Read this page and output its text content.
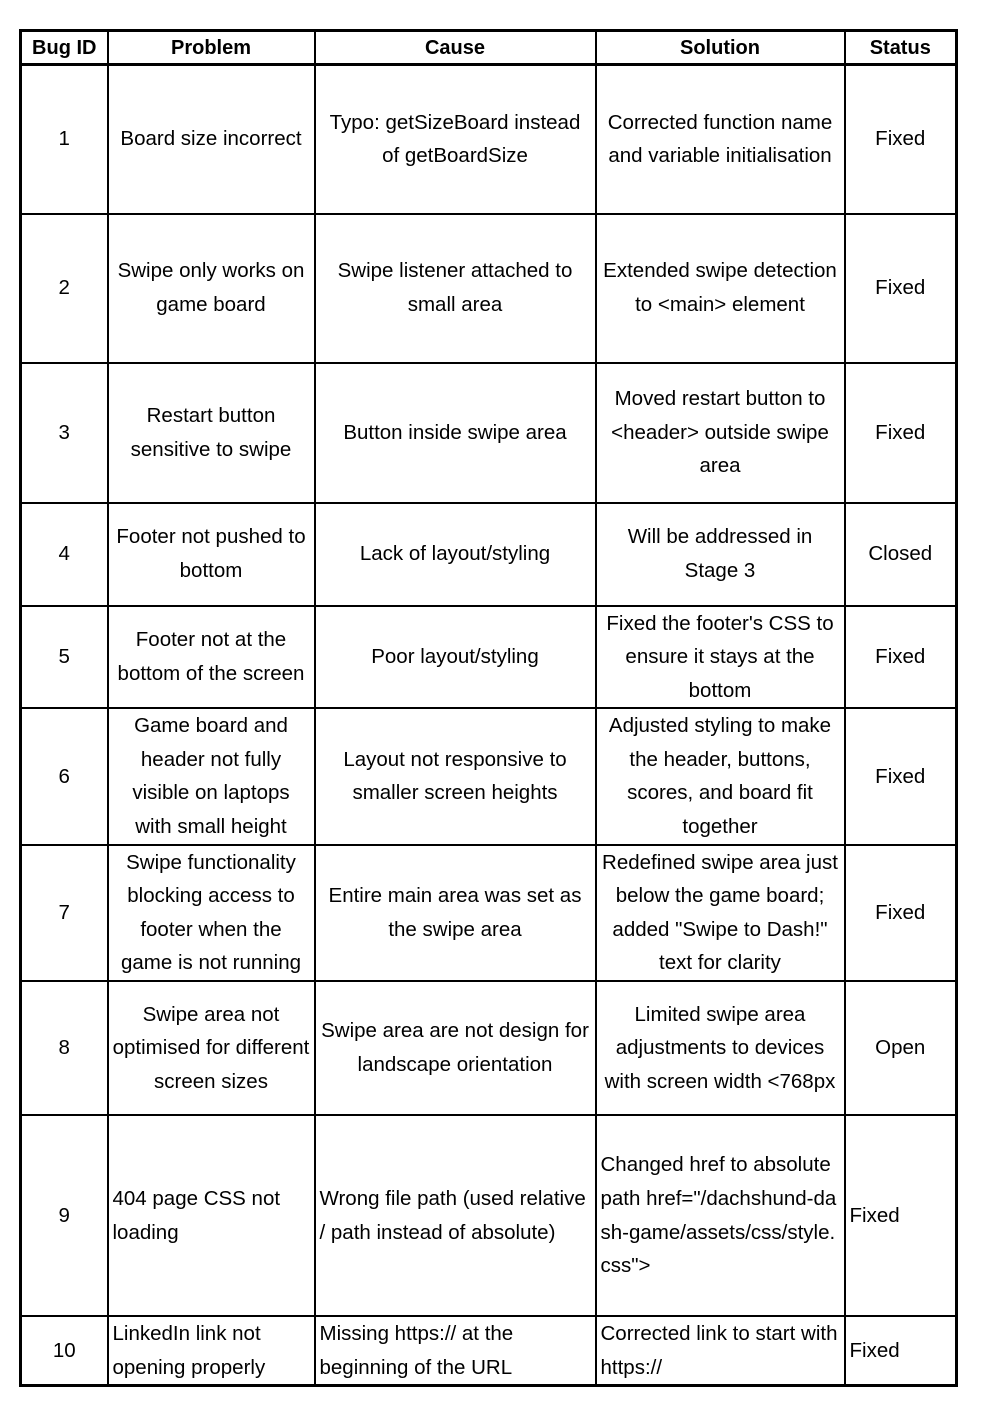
Bug ID	Problem	Cause	Solution	Status
1	Board size incorrect	Typo: getSizeBoard instead of getBoardSize	Corrected function name and variable initialisation	Fixed
2	Swipe only works on game board	Swipe listener attached to small area	Extended swipe detection to <main> element	Fixed
3	Restart button sensitive to swipe	Button inside swipe area	Moved restart button to <header> outside swipe area	Fixed
4	Footer not pushed to bottom	Lack of layout/styling	Will be addressed in Stage 3	Closed
5	Footer not at the bottom of the screen	Poor layout/styling	Fixed the footer's CSS to ensure it stays at the bottom	Fixed
6	Game board and header not fully visible on laptops with small height	Layout not responsive to smaller screen heights	Adjusted styling to make the header, buttons, scores, and board fit together	Fixed
7	Swipe functionality blocking access to footer when the game is not running	Entire main area was set as the swipe area	Redefined swipe area just below the game board; added "Swipe to Dash!" text for clarity	Fixed
8	Swipe area not optimised for different screen sizes	Swipe area are not design for landscape orientation	Limited swipe area adjustments to devices with screen width <768px	Open
9	404 page CSS not loading	Wrong file path (used relative / path instead of absolute)	Changed href to absolute path href="/dachshund-dash-game/assets/css/style.css">	Fixed
10	LinkedIn link not opening properly	Missing https:// at the beginning of the URL	Corrected link to start with https://	Fixed
